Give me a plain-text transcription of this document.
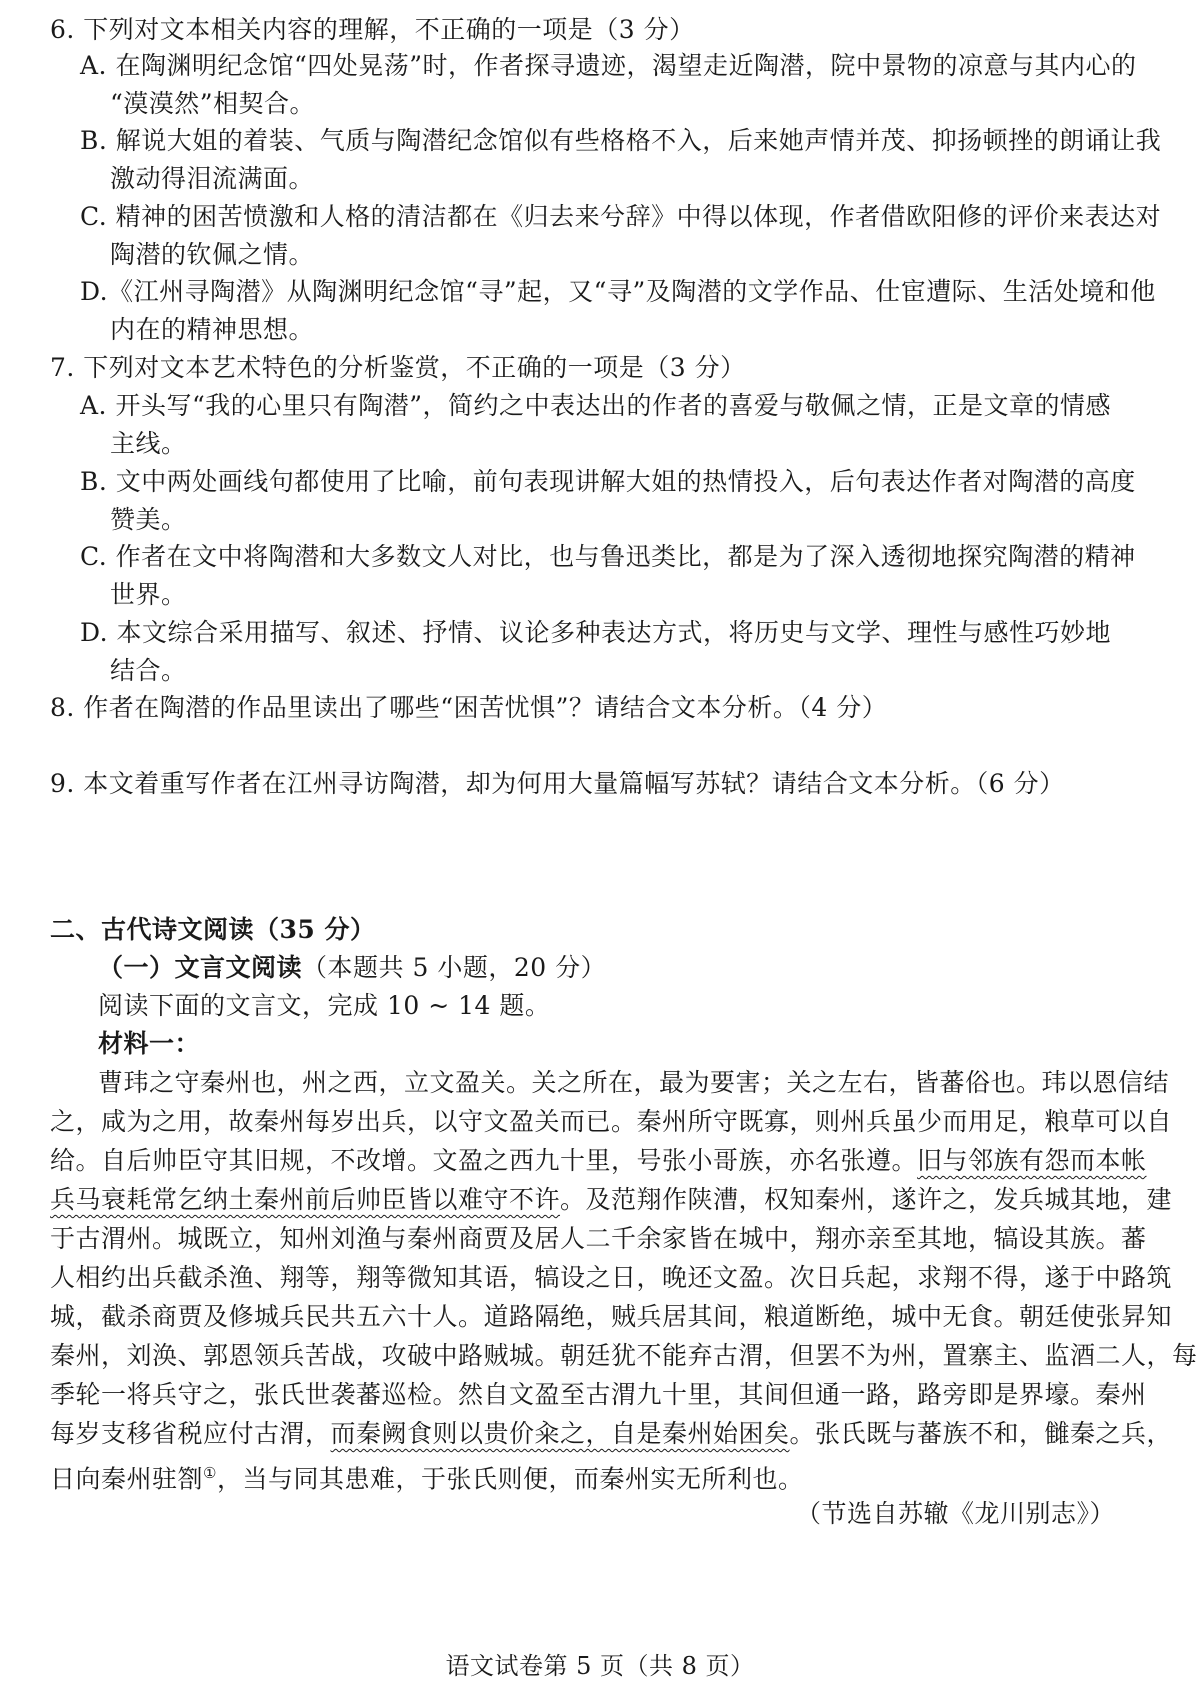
6. 下列对文本相关内容的理解，不正确的一项是（3 分）
A. 在陶渊明纪念馆“四处晃荡”时，作者探寻遗迹，渴望走近陶潜，院中景物的凉意与其内心的
“漠漠然”相契合。
B. 解说大姐的着装、气质与陶潜纪念馆似有些格格不入，后来她声情并茂、抑扬顿挫的朗诵让我
激动得泪流满面。
C. 精神的困苦愤激和人格的清洁都在《归去来兮辞》中得以体现，作者借欧阳修的评价来表达对
陶潜的钦佩之情。
D.《江州寻陶潜》从陶渊明纪念馆“寻”起，又“寻”及陶潜的文学作品、仕宦遭际、生活处境和他
内在的精神思想。
7. 下列对文本艺术特色的分析鉴赏，不正确的一项是（3 分）
A. 开头写“我的心里只有陶潜”，简约之中表达出的作者的喜爱与敬佩之情，正是文章的情感
主线。
B. 文中两处画线句都使用了比喻，前句表现讲解大姐的热情投入，后句表达作者对陶潜的高度
赞美。
C. 作者在文中将陶潜和大多数文人对比，也与鲁迅类比，都是为了深入透彻地探究陶潜的精神
世界。
D. 本文综合采用描写、叙述、抒情、议论多种表达方式，将历史与文学、理性与感性巧妙地
结合。
8. 作者在陶潜的作品里读出了哪些“困苦忧惧”？请结合文本分析。（4 分）
9. 本文着重写作者在江州寻访陶潜，却为何用大量篇幅写苏轼？请结合文本分析。（6 分）
二、古代诗文阅读（35 分）
（一）文言文阅读（本题共 5 小题，20 分）
阅读下面的文言文，完成 10 ~ 14 题。
材料一：
曹玮之守秦州也，州之西，立文盈关。关之所在，最为要害；关之左右，皆蕃俗也。玮以恩信结
之，咸为之用，故秦州每岁出兵，以守文盈关而已。秦州所守既寡，则州兵虽少而用足，粮草可以自
给。自后帅臣守其旧规，不改增。文盈之西九十里，号张小哥族，亦名张遵。旧与邻族有怨而本帐
兵马衰耗常乞纳土秦州前后帅臣皆以难守不许。及范翔作陕漕，权知秦州，遂许之，发兵城其地，建
于古渭州。城既立，知州刘渔与秦州商贾及居人二千余家皆在城中，翔亦亲至其地，犒设其族。蕃
人相约出兵截杀渔、翔等，翔等微知其语，犒设之日，晚还文盈。次日兵起，求翔不得，遂于中路筑
城，截杀商贾及修城兵民共五六十人。道路隔绝，贼兵居其间，粮道断绝，城中无食。朝廷使张昇知
秦州，刘涣、郭恩领兵苦战，攻破中路贼城。朝廷犹不能弃古渭，但罢不为州，置寨主、监酒二人，每
季轮一将兵守之，张氏世袭蕃巡检。然自文盈至古渭九十里，其间但通一路，路旁即是界壕。秦州
每岁支移省税应付古渭，而秦阙食则以贵价籴之，自是秦州始困矣。张氏既与蕃族不和，雠秦之兵，
日向秦州驻劄①，当与同其患难，于张氏则便，而秦州实无所利也。
（节选自苏辙《龙川别志》）
语文试卷第 5 页（共 8 页）
